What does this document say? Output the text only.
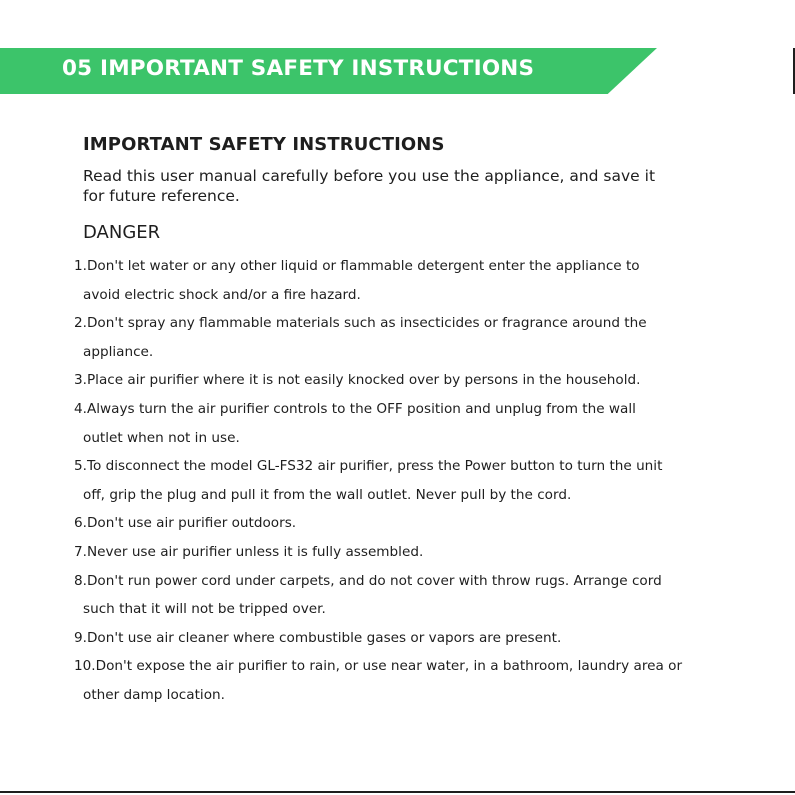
05 IMPORTANT SAFETY INSTRUCTIONS
IMPORTANT SAFETY INSTRUCTIONS
Read this user manual carefully before you use the appliance, and save it
for future reference.
DANGER
1.Don't let water or any other liquid or flammable detergent enter the appliance to
avoid electric shock and/or a fire hazard.
2.Don't spray any flammable materials such as insecticides or fragrance around the
appliance.
3.Place air purifier where it is not easily knocked over by persons in the household.
4.Always turn the air purifier controls to the OFF position and unplug from the wall
outlet when not in use.
5.To disconnect the model GL-FS32 air purifier, press the Power button to turn the unit
off, grip the plug and pull it from the wall outlet. Never pull by the cord.
6.Don't use air purifier outdoors.
7.Never use air purifier unless it is fully assembled.
8.Don't run power cord under carpets, and do not cover with throw rugs. Arrange cord
such that it will not be tripped over.
9.Don't use air cleaner where combustible gases or vapors are present.
10.Don't expose the air purifier to rain, or use near water, in a bathroom, laundry area or
other damp location.
